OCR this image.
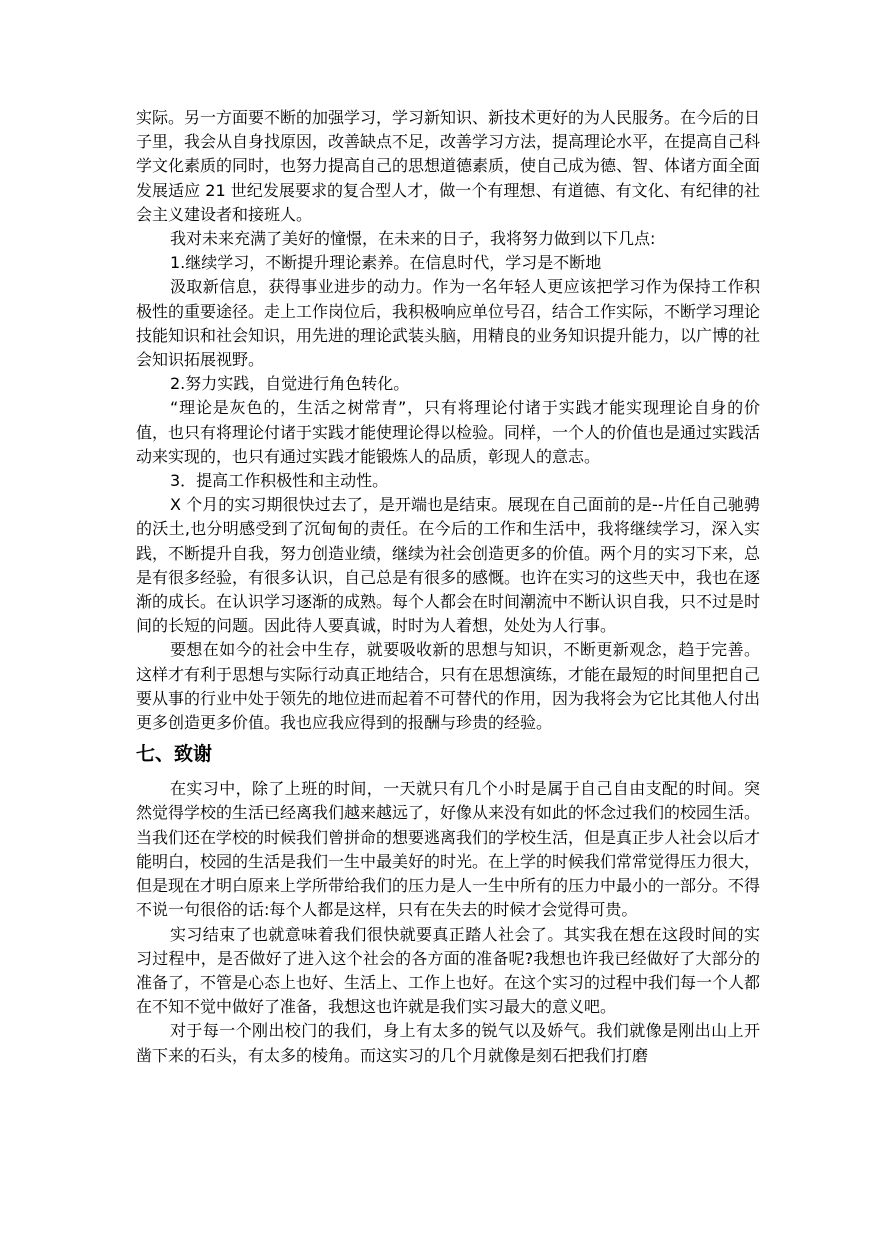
实际。另一方面要不断的加强学习，学习新知识、新技术更好的为人民服务。在今后的日子里，我会从自身找原因，改善缺点不足，改善学习方法，提高理论水平，在提高自己科学文化素质的同时，也努力提高自己的思想道德素质，使自己成为德、智、体诸方面全面发展适应 21 世纪发展要求的复合型人才，做一个有理想、有道德、有文化、有纪律的社会主义建设者和接班人。

我对未来充满了美好的憧憬，在未来的日子，我将努力做到以下几点:

1.继续学习，不断提升理论素养。在信息时代，学习是不断地

汲取新信息，获得事业进步的动力。作为一名年轻人更应该把学习作为保持工作积极性的重要途径。走上工作岗位后，我积极响应单位号召，结合工作实际，不断学习理论技能知识和社会知识，用先进的理论武装头脑，用精良的业务知识提升能力，以广博的社会知识拓展视野。

2.努力实践，自觉进行角色转化。

“理论是灰色的，生活之树常青”，只有将理论付诸于实践才能实现理论自身的价值，也只有将理论付诸于实践才能使理论得以检验。同样，一个人的价值也是通过实践活动来实现的，也只有通过实践才能锻炼人的品质，彰现人的意志。

3．提高工作积极性和主动性。

X 个月的实习期很快过去了，是开端也是结束。展现在自己面前的是--片任自己驰骋的沃土,也分明感受到了沉甸甸的责任。在今后的工作和生活中，我将继续学习，深入实践，不断提升自我，努力创造业绩，继续为社会创造更多的价值。两个月的实习下来，总是有很多经验，有很多认识，自己总是有很多的感慨。也许在实习的这些天中，我也在逐渐的成长。在认识学习逐渐的成熟。每个人都会在时间潮流中不断认识自我，只不过是时间的长短的问题。因此待人要真诚，时时为人着想，处处为人行事。

要想在如今的社会中生存，就要吸收新的思想与知识，不断更新观念，趋于完善。这样才有利于思想与实际行动真正地结合，只有在思想演练，才能在最短的时间里把自己要从事的行业中处于领先的地位进而起着不可替代的作用，因为我将会为它比其他人付出更多创造更多价值。我也应我应得到的报酬与珍贵的经验。

七、致谢

在实习中，除了上班的时间，一天就只有几个小时是属于自己自由支配的时间。突然觉得学校的生活已经离我们越来越远了，好像从来没有如此的怀念过我们的校园生活。当我们还在学校的时候我们曾拼命的想要逃离我们的学校生活，但是真正步人社会以后才能明白，校园的生活是我们一生中最美好的时光。在上学的时候我们常常觉得压力很大，但是现在才明白原来上学所带给我们的压力是人一生中所有的压力中最小的一部分。不得不说一句很俗的话:每个人都是这样，只有在失去的时候才会觉得可贵。

实习结束了也就意味着我们很快就要真正踏人社会了。其实我在想在这段时间的实习过程中，是否做好了进入这个社会的各方面的准备呢?我想也许我已经做好了大部分的准备了，不管是心态上也好、生活上、工作上也好。在这个实习的过程中我们每一个人都在不知不觉中做好了准备，我想这也许就是我们实习最大的意义吧。

对于每一个刚出校门的我们，身上有太多的锐气以及娇气。我们就像是刚出山上开凿下来的石头，有太多的棱角。而这实习的几个月就像是刻石把我们打磨
